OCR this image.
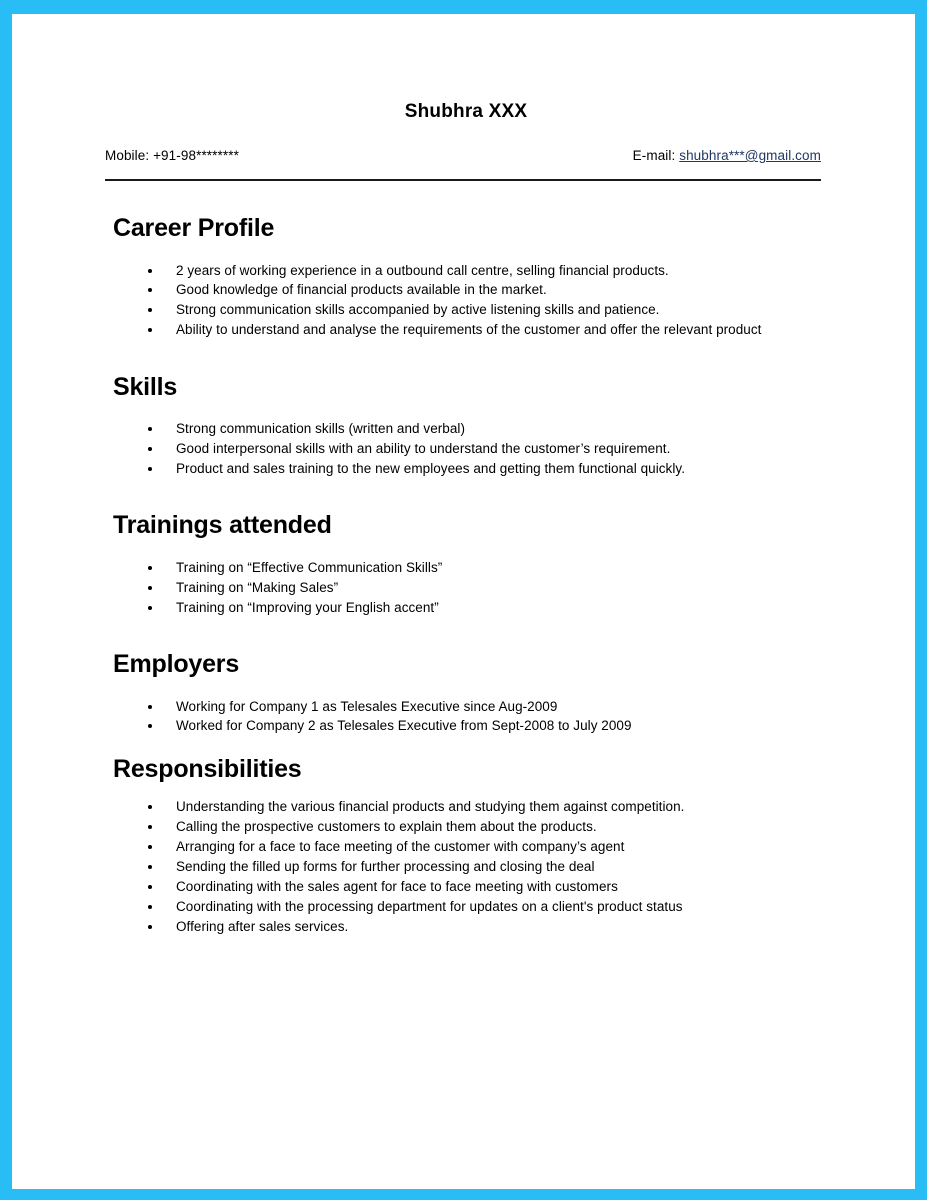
Shubhra XXX
Mobile: +91-98********	E-mail: shubhra***@gmail.com
Career Profile
2 years of working experience in a outbound call centre, selling financial products.
Good knowledge of financial products available in the market.
Strong communication skills accompanied by active listening skills and patience.
Ability to understand and analyse the requirements of the customer and offer the relevant product
Skills
Strong communication skills (written and verbal)
Good interpersonal skills with an ability to understand the customer’s requirement.
Product and sales training to the new employees and getting them functional quickly.
Trainings attended
Training on “Effective Communication Skills”
Training on “Making Sales”
Training on “Improving your English accent”
Employers
Working for Company 1 as Telesales Executive since Aug-2009
Worked for Company 2 as Telesales Executive from Sept-2008 to July 2009
Responsibilities
Understanding the various financial products and studying them against competition.
Calling the prospective customers to explain them about the products.
Arranging for a face to face meeting of the customer with company’s agent
Sending the filled up forms for further processing and closing the deal
Coordinating with the sales agent for face to face meeting with customers
Coordinating with the processing department for updates on a client's product status
Offering after sales services.
